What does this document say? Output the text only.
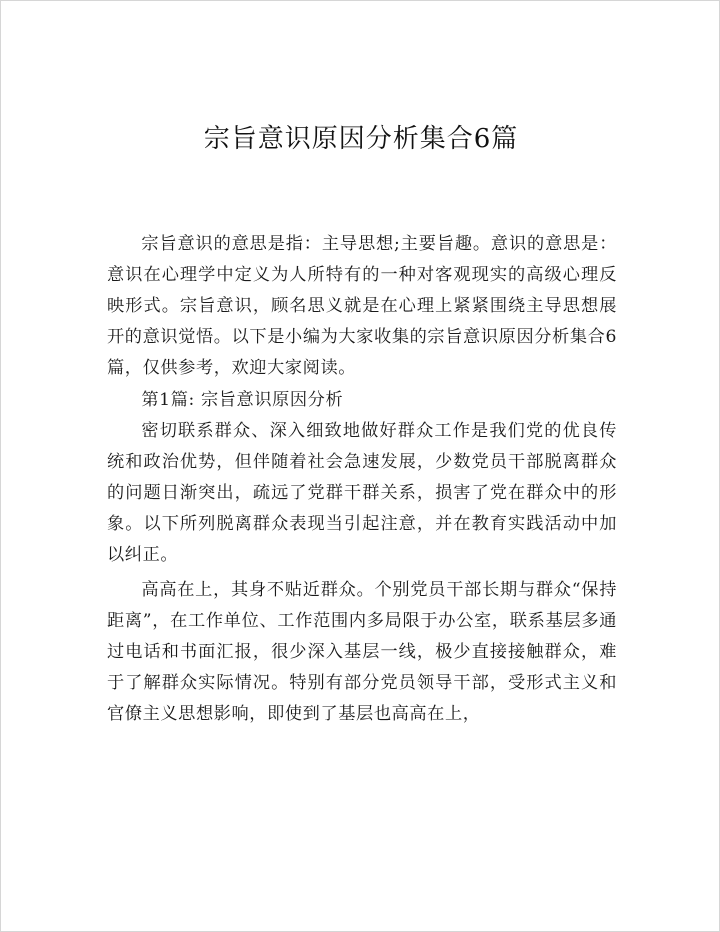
宗旨意识原因分析集合6篇

宗旨意识的意思是指：主导思想;主要旨趣。意识的意思是：意识在心理学中定义为人所特有的一种对客观现实的高级心理反映形式。宗旨意识，顾名思义就是在心理上紧紧围绕主导思想展开的意识觉悟。以下是小编为大家收集的宗旨意识原因分析集合6篇，仅供参考，欢迎大家阅读。

第1篇: 宗旨意识原因分析

密切联系群众、深入细致地做好群众工作是我们党的优良传统和政治优势，但伴随着社会急速发展，少数党员干部脱离群众的问题日渐突出，疏远了党群干群关系，损害了党在群众中的形象。以下所列脱离群众表现当引起注意，并在教育实践活动中加以纠正。

高高在上，其身不贴近群众。个别党员干部长期与群众“保持距离”，在工作单位、工作范围内多局限于办公室，联系基层多通过电话和书面汇报，很少深入基层一线，极少直接接触群众，难于了解群众实际情况。特别有部分党员领导干部，受形式主义和官僚主义思想影响，即使到了基层也高高在上，
